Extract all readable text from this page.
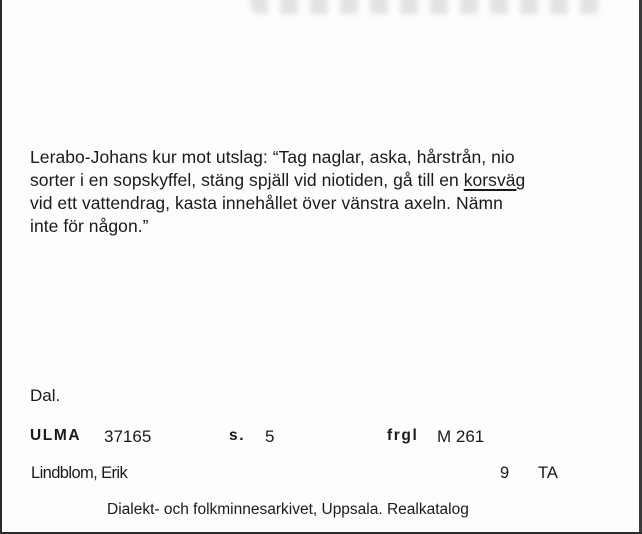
Lerabo-Johans kur mot utslag: “Tag naglar, aska, hårstrån, nio
sorter i en sopskyffel, stäng spjäll vid niotiden, gå till en korsväg
vid ett vattendrag, kasta innehållet över vänstra axeln. Nämn
inte för någon.”

Dal.
ULMA 37165	s. 5	frgl M 261
Lindblom, Erik	9 TA
Dialekt- och folkminnesarkivet, Uppsala. Realkatalog
